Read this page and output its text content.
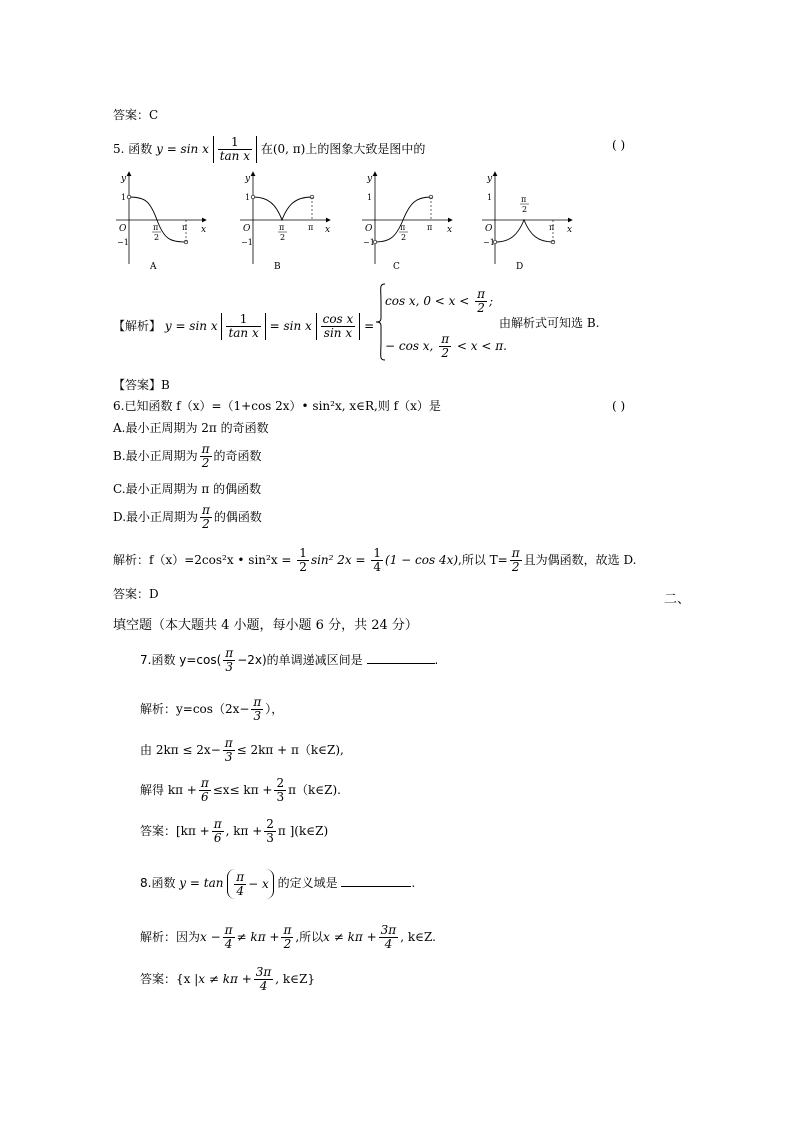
答案：C
5. 函数 y = sin x $\frac{1}{\text{tan x}}$ 在(0, π)上的图象大致是图中的	( )
y
x
O
1
−1
π
2
π
A
y
x
O
1
−1
π
2
π
B
y
x
O
1
−1
π
2
π
C
y
x
O
1
−1
π
2
π
D
【解析】 y = sin x $\frac{1}{\text{tan x}} = \sin x \frac{\text{cos x}}{\text{sin x}}$ =
cos x, $0 < x < \frac{\pi}{2}$ ;
− cos x, $\frac{\pi}{2} < x < \pi$.
由解析式可知选 B.
【答案】B
6.已知函数 f（x）=（1+cos 2x）• sin²x, x∈R,则 f（x）是	( )
A.最小正周期为 2π 的奇函数
B.最小正周期为 $\frac{\pi}{2}$ 的奇函数
C.最小正周期为 π 的偶函数
D.最小正周期为 $\frac{\pi}{2}$ 的偶函数
解析：f（x）=2cos²x • $\sin^2x = \frac{1}{2} \sin^2$ $2x = \frac{1}{4} (1 - \cos 4x)$,所以 $T= \frac{\pi}{2}$ 且为偶函数，故选 D.
答案：D	二、
填空题（本大题共 4 小题，每小题 6 分，共 24 分）
7.函数 $y=\cos( \frac{\pi}{3} -2x)$的单调递减区间是	.
解析：$y=\cos(2x- \frac{\pi}{3}$ ），
由 $2k\pi \le 2x- \frac{\pi}{3} \le 2k\pi$ + π（k∈Z),
解得 $k\pi + \frac{\pi}{6} \le x\le k\pi + \frac{2}{3}$ π（k∈Z).
答案：[$k\pi + \frac{\pi}{6}$ , $k\pi + \frac{2}{3}$ π ](k∈Z)
8.函数 $y = \tan \frac{\pi}{4} - x$ 的定义域是	.
解析：因为$x - \frac{\pi}{4} \ne k\pi + \frac{\pi}{2}$ ,所以$x \ne k\pi + \frac{3\pi}{4}$ , k∈Z.
答案：{x $|x \ne k\pi + \frac{3\pi}{4}$ , k∈Z}
